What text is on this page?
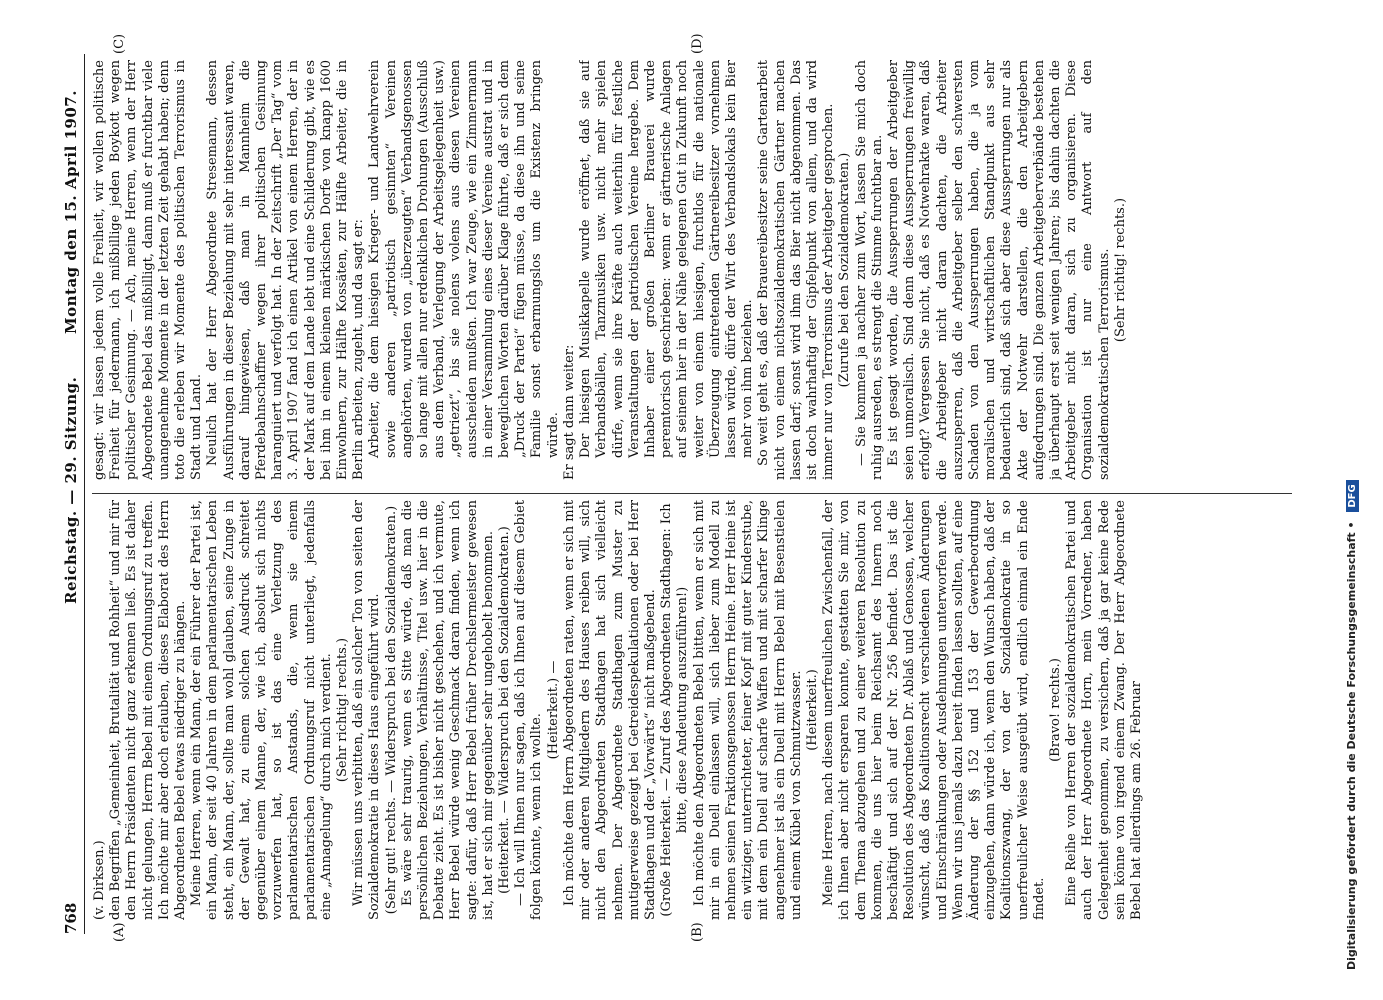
768
Reichstag. — 29. Sitzung.
Montag den 15. April 1907.
(A)	(B)
(C)	(D)

(v. Dirksen.) den Begriffen „Gemeinheit, Brutalität und Rohheit“ und mir für den Herrn Präsidenten nicht ganz erkennen ließ. Es ist daher nicht gelungen, Herrn Bebel mit einem Ordnungsruf zu treffen. Ich möchte mir aber doch erlauben, dieses Elaborat des Herrn Abgeordneten Bebel etwas niedriger zu hängen. Meine Herren, wenn ein Mann, der ein Führer der Partei ist, ein Mann, der seit 40 Jahren in dem parlamentarischen Leben steht, ein Mann, der, sollte man wohl glauben, seine Zunge in der Gewalt hat, zu einem solchen Ausdruck schreitet gegenüber einem Manne, der, wie ich, absolut sich nichts vorzuwerfen hat, so ist das eine Verletzung des parlamentarischen Anstands, die, wenn sie einem parlamentarischen Ordnungsruf nicht unterliegt, jedenfalls eine „Annagelung“ durch mich verdient. (Sehr richtig! rechts.) Wir müssen uns verbitten, daß ein solcher Ton von seiten der Sozialdemokratie in dieses Haus eingeführt wird. (Sehr gut! rechts. — Widerspruch bei den Sozialdemokraten.) Es wäre sehr traurig, wenn es Sitte würde, daß man die persönlichen Beziehungen, Verhältnisse, Titel usw. hier in die Debatte zieht. Es ist bisher nicht geschehen, und ich vermute, Herr Bebel würde wenig Geschmack daran finden, wenn ich sagte: dafür, daß Herr Bebel früher Drechslermeister gewesen ist, hat er sich mir gegenüber sehr ungehobelt benommen. (Heiterkeit. — Widerspruch bei den Sozialdemokraten.) — Ich will Ihnen nur sagen, daß ich Ihnen auf diesem Gebiet folgen könnte, wenn ich wollte.

(Heiterkeit.) — Ich möchte dem Herrn Abgeordneten raten, wenn er sich mit mir oder anderen Mitgliedern des Hauses reiben will, sich nicht den Abgeordneten Stadthagen hat sich vielleicht nehmen. Der Abgeordnete Stadthagen zum Muster zu mutigerweise gezeigt bei Getreidespekulationen oder bei Herr Stadthagen und der „Vorwärts“ nicht maßgebend. (Große Heiterkeit. — Zuruf des Abgeordneten Stadthagen: Ich bitte, diese Andeutung auszuführen!) Ich möchte den Abgeordneten Bebel bitten, wenn er sich mit mir in ein Duell einlassen will, sich lieber zum Modell zu nehmen seinen Fraktionsgenossen Herrn Heine. Herr Heine ist ein witziger, unterrichteter, feiner Kopf mit guter Kinderstube, mit dem ein Duell auf scharfe Waffen und mit scharfer Klinge angenehmer ist als ein Duell mit Herrn Bebel mit Besenstielen und einem Kübel von Schmutzwasser. (Heiterkeit.) Meine Herren, nach diesem unerfreulichen Zwischenfall, der ich Ihnen aber nicht ersparen konnte, gestatten Sie mir, von dem Thema abzugehen und zu einer weiteren Resolution zu kommen, die uns hier beim Reichsamt des Innern noch beschäftigt und sich auf der Nr. 256 befindet. Das ist die Resolution des Abgeordneten Dr. Ablaß und Genossen, welcher wünscht, daß das Koalitionsrecht verschiedenen Änderungen und Einschränkungen oder Ausdehnungen unterworfen werde. Wenn wir uns jemals dazu bereit finden lassen sollten, auf eine Änderung der §§ 152 und 153 der Gewerbeordnung einzugehen, dann würde ich, wenn den Wunsch haben, daß der Koalitionszwang, der von der Sozialdemokratie in so unerfreulicher Weise ausgeübt wird, endlich einmal ein Ende findet.

(Bravo! rechts.) Eine Reihe von Herren der sozialdemokratischen Partei und auch der Herr Abgeordnete Horn, mein Vorredner, haben Gelegenheit genommen, zu versichern, daß ja gar keine Rede sein könne von irgend einem Zwang. Der Herr Abgeordnete Bebel hat allerdings am 26. Februar

gesagt: wir lassen jedem volle Freiheit, wir wollen politische Freiheit für jedermann, ich mißbillige jeden Boykott wegen politischer Gesinnung. — Ach, meine Herren, wenn der Herr Abgeordnete Bebel das mißbilligt, dann muß er furchtbar viele unangenehme Momente in der letzten Zeit gehabt haben; denn toto die erleben wir Momente des politischen Terrorismus in Stadt und Land. Neulich hat der Herr Abgeordnete Stresemann, dessen Ausführungen in dieser Beziehung mit sehr interessant waren, darauf hingewiesen, daß man in Mannheim die Pferdebahnschaffner wegen ihrer politischen Gesinnung haranguiert und verfolgt hat. In der Zeitschrift „Der Tag“ vom 3. April 1907 fand ich einen Artikel von einem Herren, der in der Mark auf dem Lande lebt und eine Schilderung gibt, wie es bei ihm in einem kleinen märkischen Dorfe von knapp 1600 Einwohnern, zur Hälfte Kossäten, zur Hälfte Arbeiter, die in Berlin arbeiten, zugeht, und da sagt er: Arbeiter, die dem hiesigen Krieger- und Landwehrverein sowie anderen „patriotisch gesinnten“ Vereinen angehörten, wurden von „überzeugten“ Verbandsgenossen so lange mit allen nur erdenklichen Drohungen (Ausschluß aus dem Verband, Verlegung der Arbeitsgelegenheit usw.) „getriezt“, bis sie nolens volens aus diesen Vereinen ausscheiden mußten. Ich war Zeuge, wie ein Zimmermann in einer Versammlung eines dieser Vereine austrat und in beweglichen Worten darüber Klage führte, daß er sich dem „Druck der Partei“ fügen müsse, da diese ihn und seine Familie sonst erbarmungslos um die Existenz bringen würde. Er sagt dann weiter: Der hiesigen Musikkapelle wurde eröffnet, daß sie auf Verbandsbällen, Tanzmusiken usw. nicht mehr spielen dürfe, wenn sie ihre Kräfte auch weiterhin für festliche Veranstaltungen der patriotischen Vereine hergebe. Dem Inhaber einer großen Berliner Brauerei wurde peremtorisch geschrieben: wenn er gärtnerische Anlagen auf seinem hier in der Nähe gelegenen Gut in Zukunft noch weiter von einem hiesigen, furchtlos für die nationale Überzeugung eintretenden Gärtnereibesitzer vornehmen lassen würde, dürfe der Wirt des Verbandslokals kein Bier mehr von ihm beziehen. So weit geht es, daß der Brauereibesitzer seine Gartenarbeit nicht von einem nichtsozialdemokratischen Gärtner machen lassen darf; sonst wird ihm das Bier nicht abgenommen. Das ist doch wahrhaftig der Gipfelpunkt von allem, und da wird immer nur von Terrorismus der Arbeitgeber gesprochen. (Zurufe bei den Sozialdemokraten.) — Sie kommen ja nachher zum Wort, lassen Sie mich doch ruhig ausreden, es strengt die Stimme furchtbar an. Es ist gesagt worden, die Aussperrungen der Arbeitgeber seien unmoralisch. Sind denn diese Aussperrungen freiwillig erfolgt? Vergessen Sie nicht, daß es Notwehrakte waren, daß die Arbeitgeber nicht daran dachten, die Arbeiter auszusperren, daß die Arbeitgeber selber den schwersten Schaden von den Aussperrungen haben, die ja vom moralischen und wirtschaftlichen Standpunkt aus sehr bedauerlich sind, daß sich aber diese Aussperrungen nur als Akte der Notwehr darstellen, die den Arbeitgebern aufgedrungen sind. Die ganzen Arbeitgeberverbände bestehen ja überhaupt erst seit wenigen Jahren; bis dahin dachten die Arbeitgeber nicht daran, sich zu organisieren. Diese Organisation ist nur eine Antwort auf den sozialdemokratischen Terrorismus. (Sehr richtig! rechts.)

Digitalisierung gefördert durch die Deutsche Forschungsgemeinschaft • DFG
